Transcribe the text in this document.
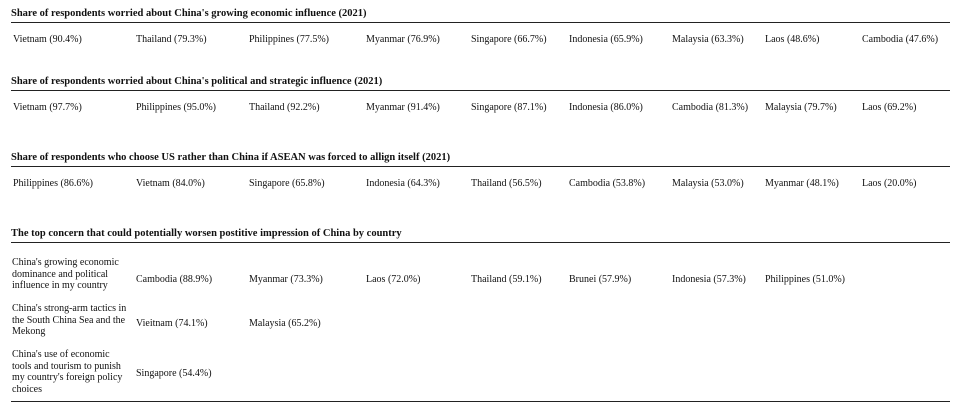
Share of respondents worried about China's growing economic influence (2021)
Vietnam (90.4%)	Thailand (79.3%)	Philippines (77.5%)	Myanmar (76.9%)	Singapore (66.7%) Indonesia (65.9%)	Malaysia (63.3%) Laos (48.6%)	Cambodia (47.6%)
Share of respondents worried about China's political and strategic influence (2021)
Vietnam (97.7%)	Philippines (95.0%)	Thailand (92.2%)	Myanmar (91.4%)	Singapore (87.1%) Indonesia (86.0%)	Cambodia (81.3%) Malaysia (79.7%)	Laos (69.2%)
Share of respondents who choose US rather than China if ASEAN was forced to allign itself (2021)
Philippines (86.6%)	Vietnam (84.0%)	Singapore (65.8%)	Indonesia (64.3%)	Thailand (56.5%)	Cambodia (53.8%)	Malaysia (53.0%) Myanmar (48.1%) Laos (20.0%)
The top concern that could potentially worsen postitive impression of China by country
China's growing economic dominance and political influence in my country
Cambodia (88.9%)	Myanmar (73.3%)	Laos (72.0%)	Thailand (59.1%)	Brunei (57.9%)	Indonesia (57.3%) Philippines (51.0%)
China's strong-arm tactics in the South China Sea and the Mekong
Vieitnam (74.1%)	Malaysia (65.2%)
China's use of economic tools and tourism to punish my country's foreign policy choices
Singapore (54.4%)
